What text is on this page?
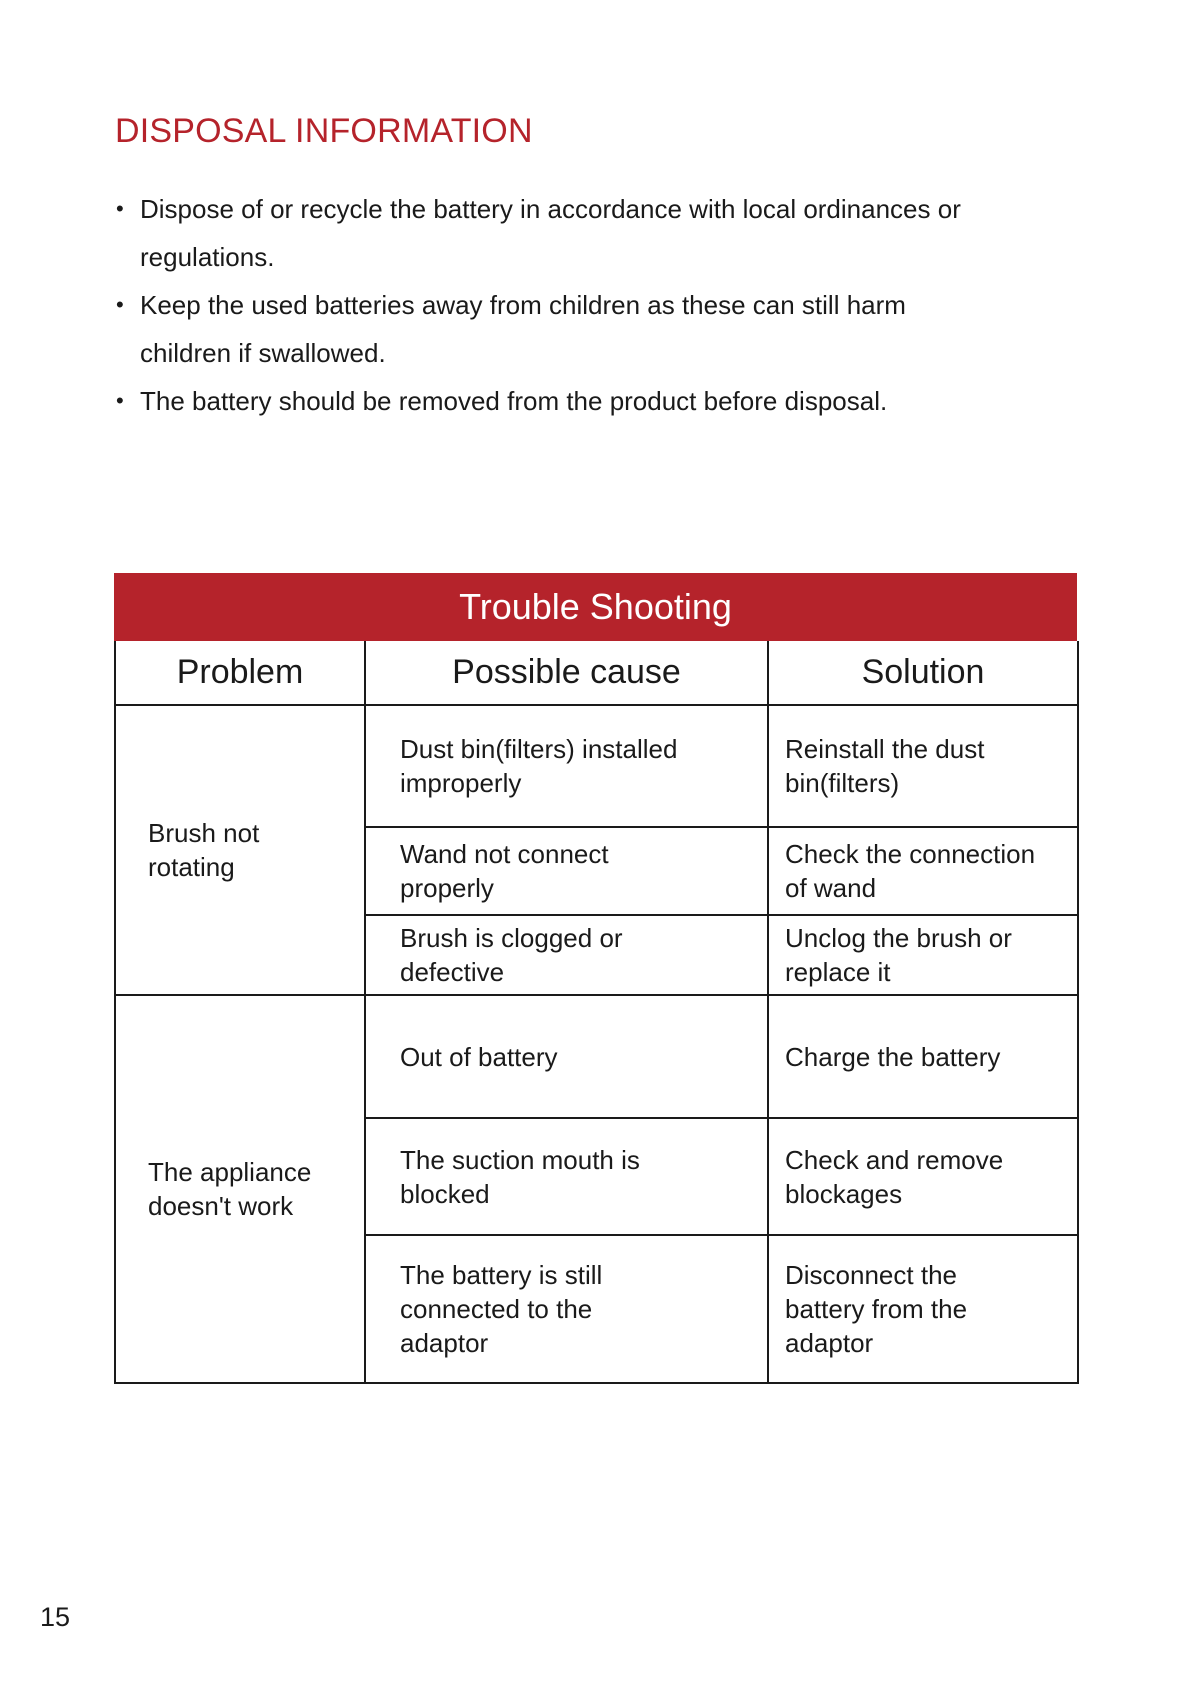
DISPOSAL INFORMATION
• Dispose of or recycle the battery in accordance with local ordinances or
regulations.
• Keep the used batteries away from children as these can still harm
children if swallowed.
• The battery should be removed from the product before disposal.
Trouble Shooting
Problem	Possible cause	Solution

Brush not
rotating	Dust bin(filters) installed
improperly	Reinstall the dust
bin(filters)

	Wand not connect
properly	Check the connection
of wand

	Brush is clogged or
defective	Unclog the brush or
replace it

The appliance
doesn't work	Out of battery	Charge the battery

	The suction mouth is
blocked	Check and remove
blockages

	The battery is still
connected to the
adaptor	Disconnect the
battery from the
adaptor
15
